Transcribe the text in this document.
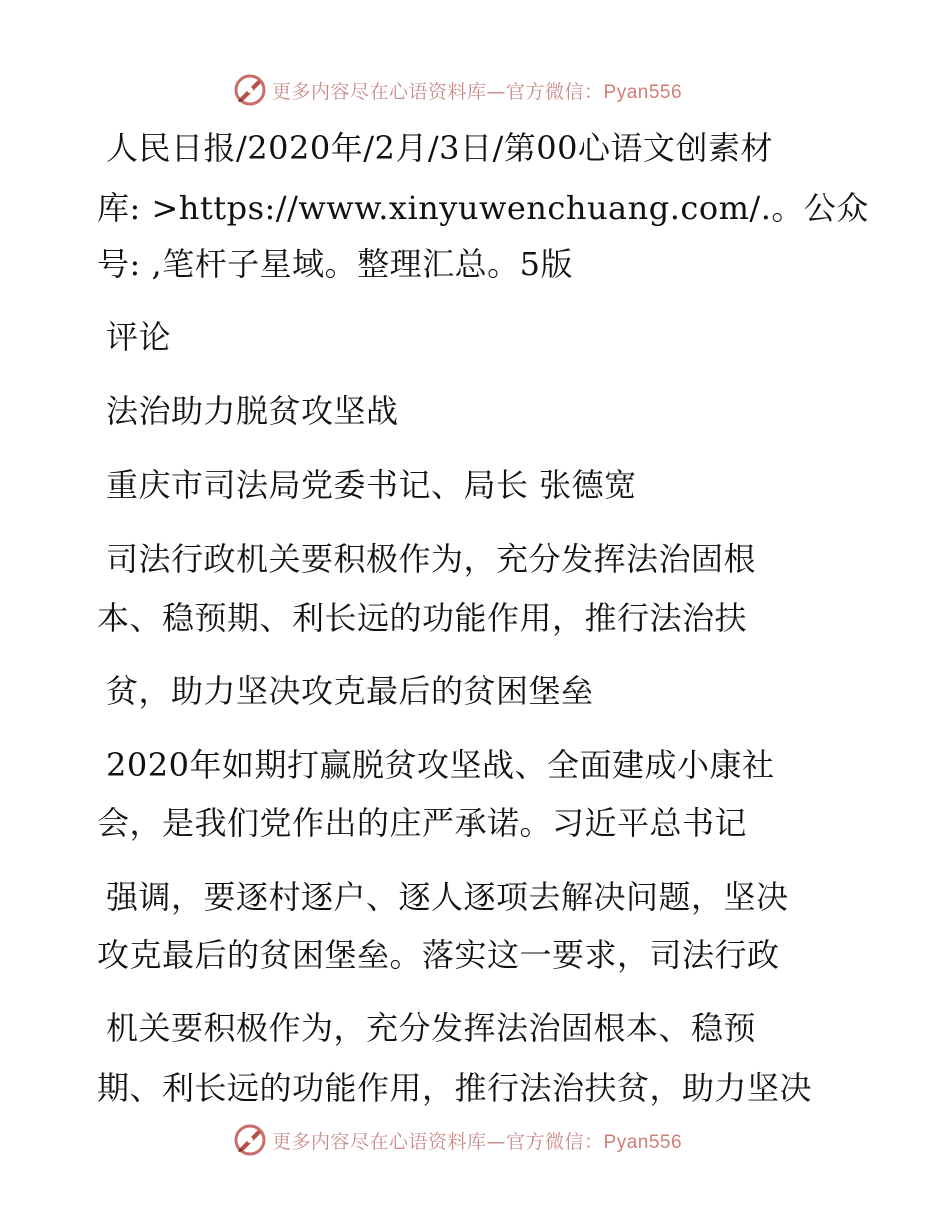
更多内容尽在心语资料库—官方微信：Pyan556
人民日报/2020年/2月/3日/第00心语文创素材
库: >https://www.xinyuwenchuang.com/.。公众
号: ,笔杆子星域。整理汇总。5版
评论
法治助力脱贫攻坚战
重庆市司法局党委书记、局长 张德宽
司法行政机关要积极作为，充分发挥法治固根
本、稳预期、利长远的功能作用，推行法治扶
贫，助力坚决攻克最后的贫困堡垒
2020年如期打赢脱贫攻坚战、全面建成小康社
会，是我们党作出的庄严承诺。习近平总书记
强调，要逐村逐户、逐人逐项去解决问题，坚决
攻克最后的贫困堡垒。落实这一要求，司法行政
机关要积极作为，充分发挥法治固根本、稳预
期、利长远的功能作用，推行法治扶贫，助力坚决
更多内容尽在心语资料库—官方微信：Pyan556
